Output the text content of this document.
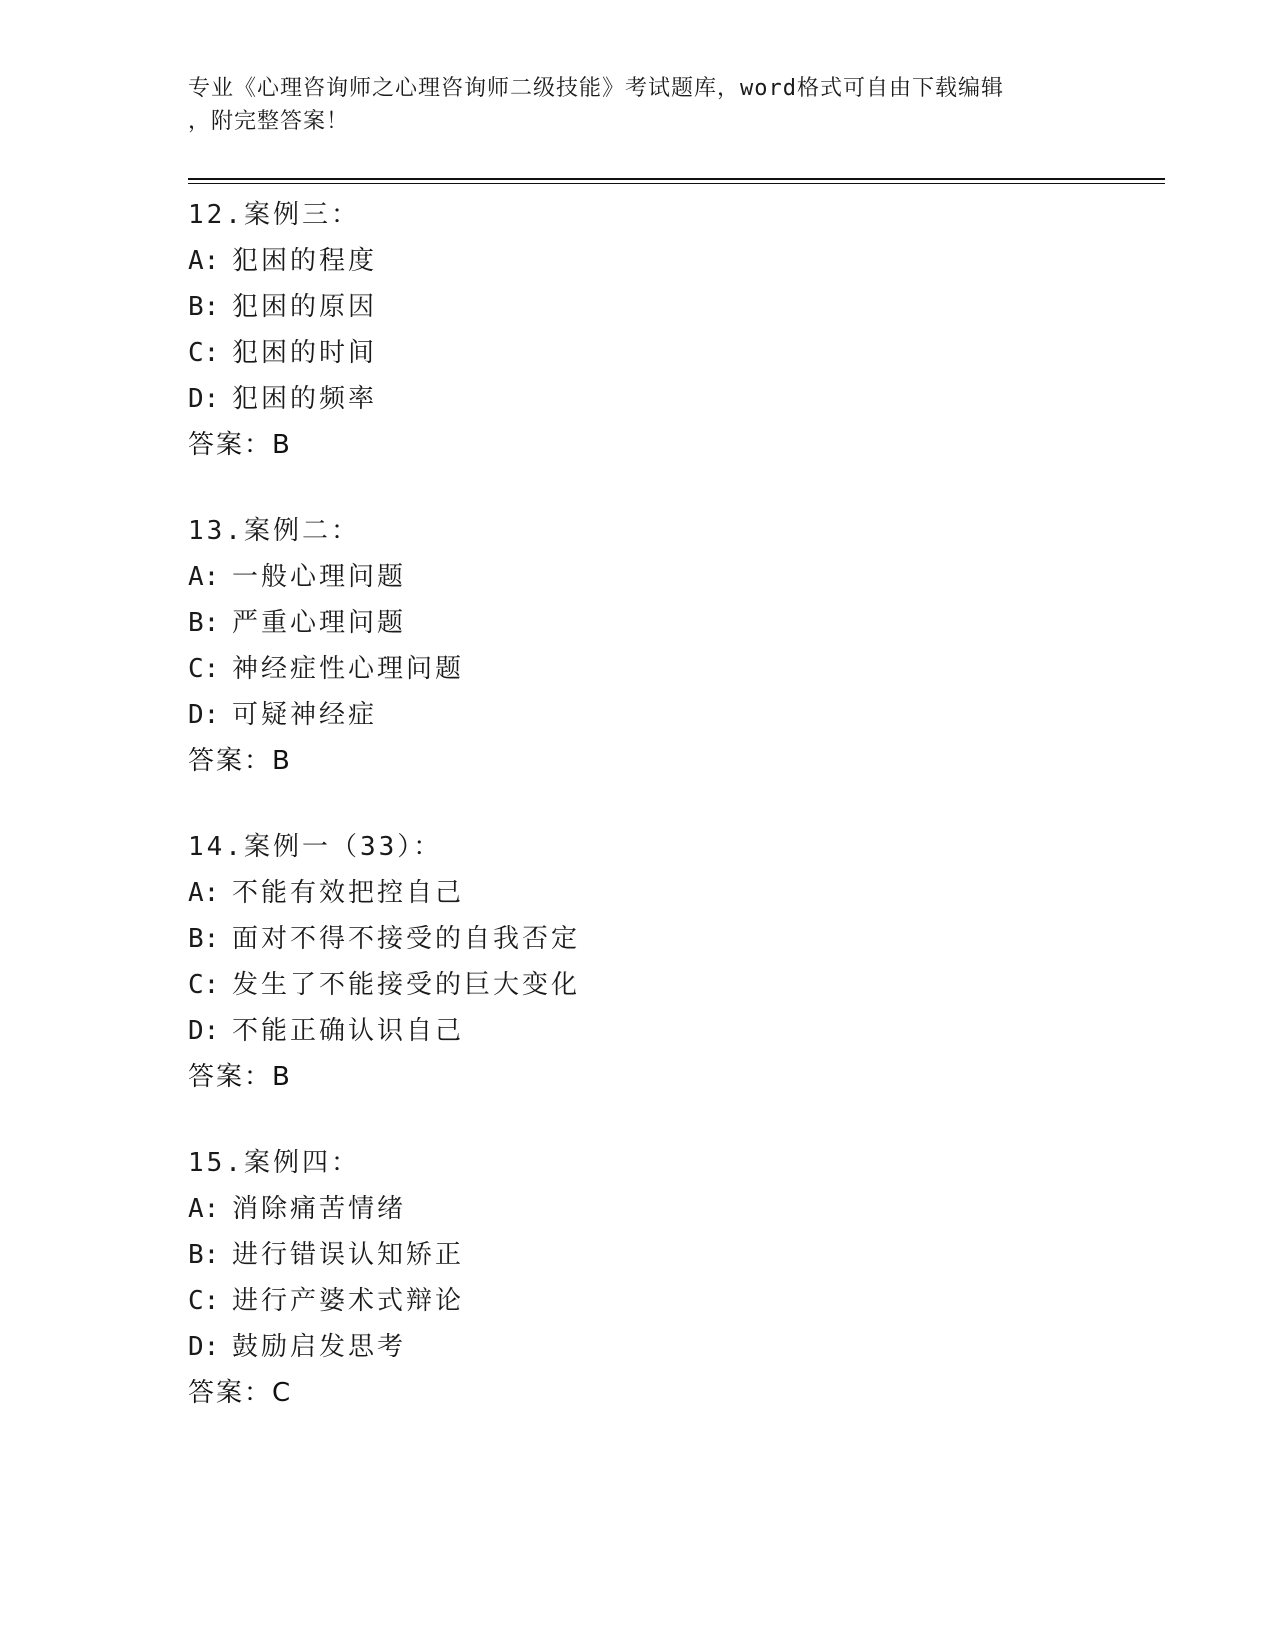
专业《心理咨询师之心理咨询师二级技能》考试题库，word格式可自由下载编辑
，附完整答案！
12.案例三：
A: 犯困的程度
B: 犯困的原因
C: 犯困的时间
D: 犯困的频率
答案：B
13.案例二：
A: 一般心理问题
B: 严重心理问题
C: 神经症性心理问题
D: 可疑神经症
答案：B
14.案例一（33）：
A: 不能有效把控自己
B: 面对不得不接受的自我否定
C: 发生了不能接受的巨大变化
D: 不能正确认识自己
答案：B
15.案例四：
A: 消除痛苦情绪
B: 进行错误认知矫正
C: 进行产婆术式辩论
D: 鼓励启发思考
答案：C
